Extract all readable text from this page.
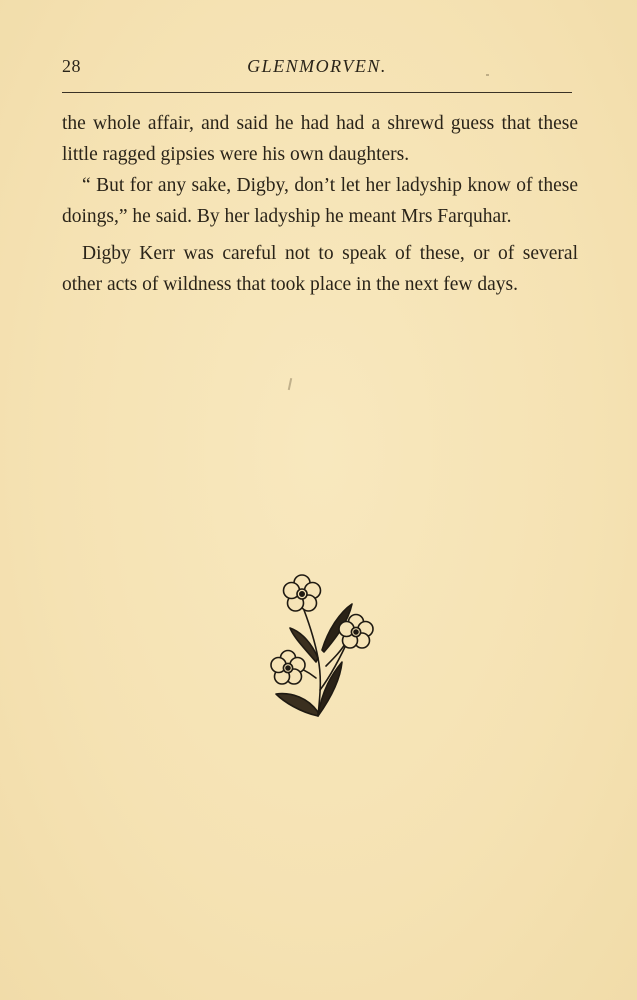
28	GLENMORVEN.

the whole affair, and said he had had a shrewd guess that these little ragged gipsies were his own daughters.

“ But for any sake, Digby, don’t let her ladyship know of these doings,” he said. By her ladyship he meant Mrs Farquhar.

Digby Kerr was careful not to speak of these, or of several other acts of wildness that took place in the next few days.
